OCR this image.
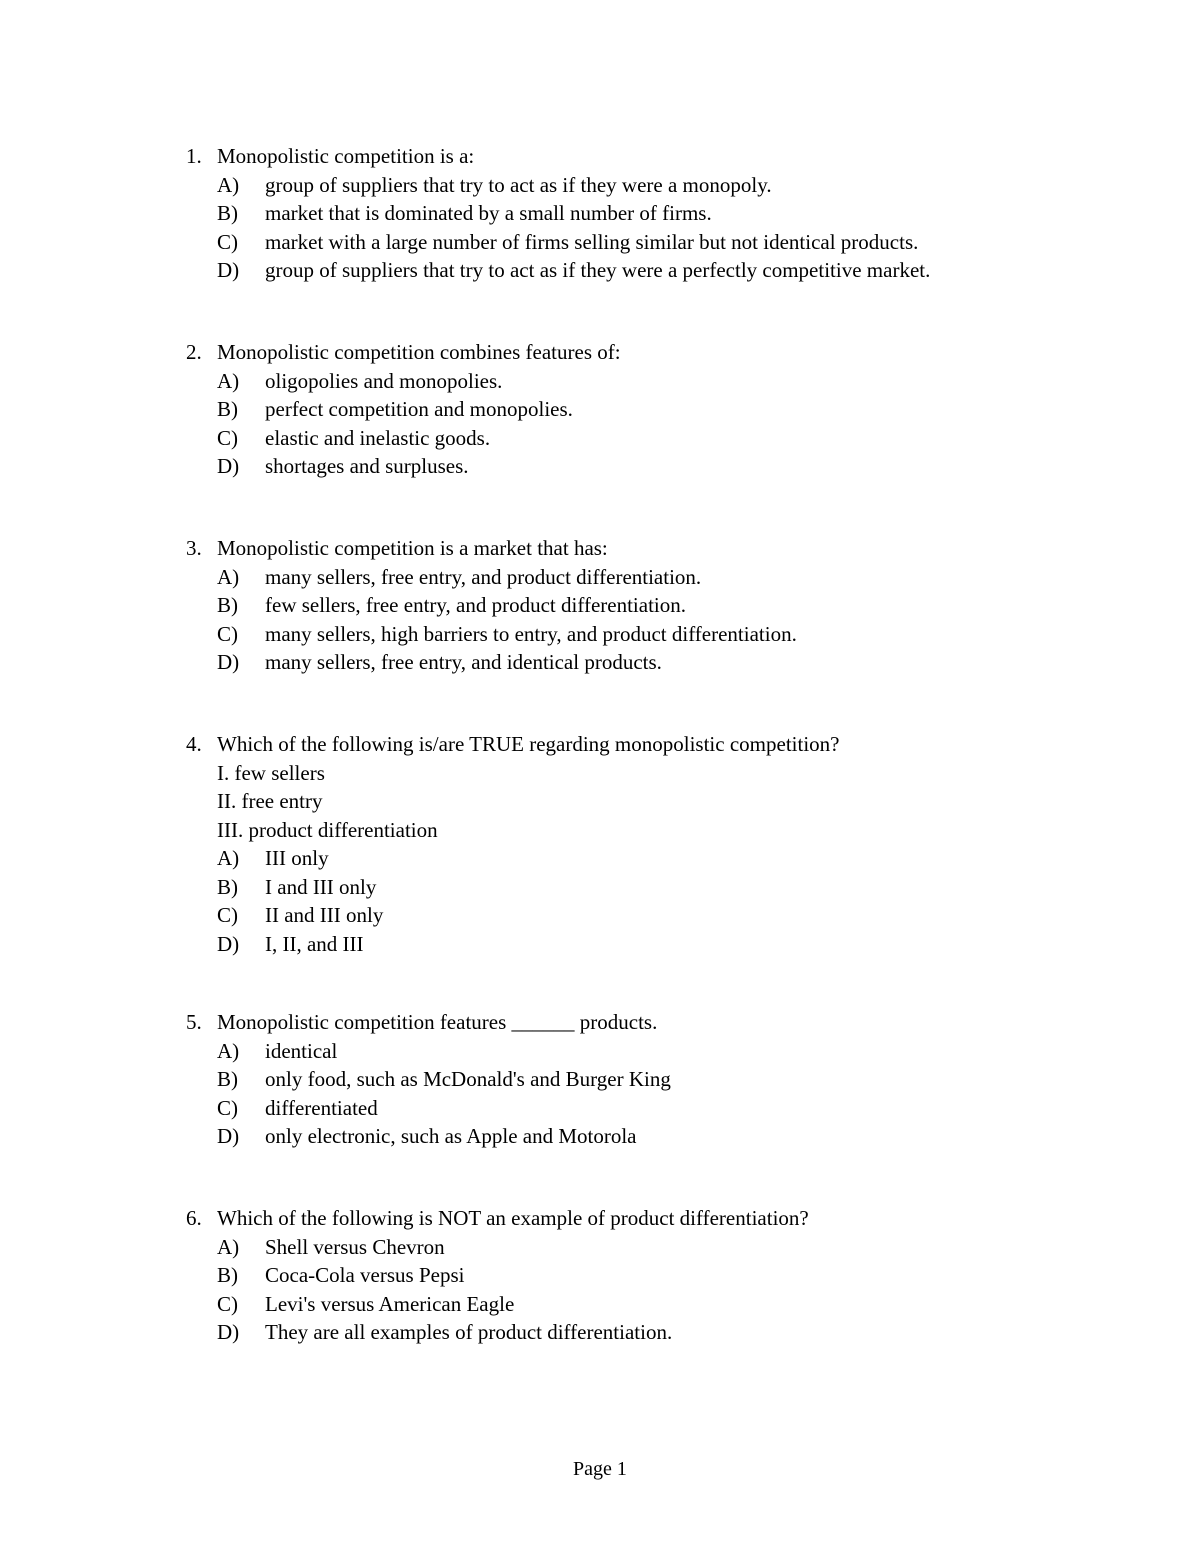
1. Monopolistic competition is a:
A)	group of suppliers that try to act as if they were a monopoly.
B)	market that is dominated by a small number of firms.
C)	market with a large number of firms selling similar but not identical products.
D)	group of suppliers that try to act as if they were a perfectly competitive market.
2. Monopolistic competition combines features of:
A)	oligopolies and monopolies.
B)	perfect competition and monopolies.
C)	elastic and inelastic goods.
D)	shortages and surpluses.
3. Monopolistic competition is a market that has:
A)	many sellers, free entry, and product differentiation.
B)	few sellers, free entry, and product differentiation.
C)	many sellers, high barriers to entry, and product differentiation.
D)	many sellers, free entry, and identical products.
4. Which of the following is/are TRUE regarding monopolistic competition?
I. few sellers
II. free entry
III. product differentiation
A)	III only
B)	I and III only
C)	II and III only
D)	I, II, and III
5. Monopolistic competition features ______ products.
A)	identical
B)	only food, such as McDonald's and Burger King
C)	differentiated
D)	only electronic, such as Apple and Motorola
6. Which of the following is NOT an example of product differentiation?
A)	Shell versus Chevron
B)	Coca-Cola versus Pepsi
C)	Levi's versus American Eagle
D)	They are all examples of product differentiation.
Page 1
